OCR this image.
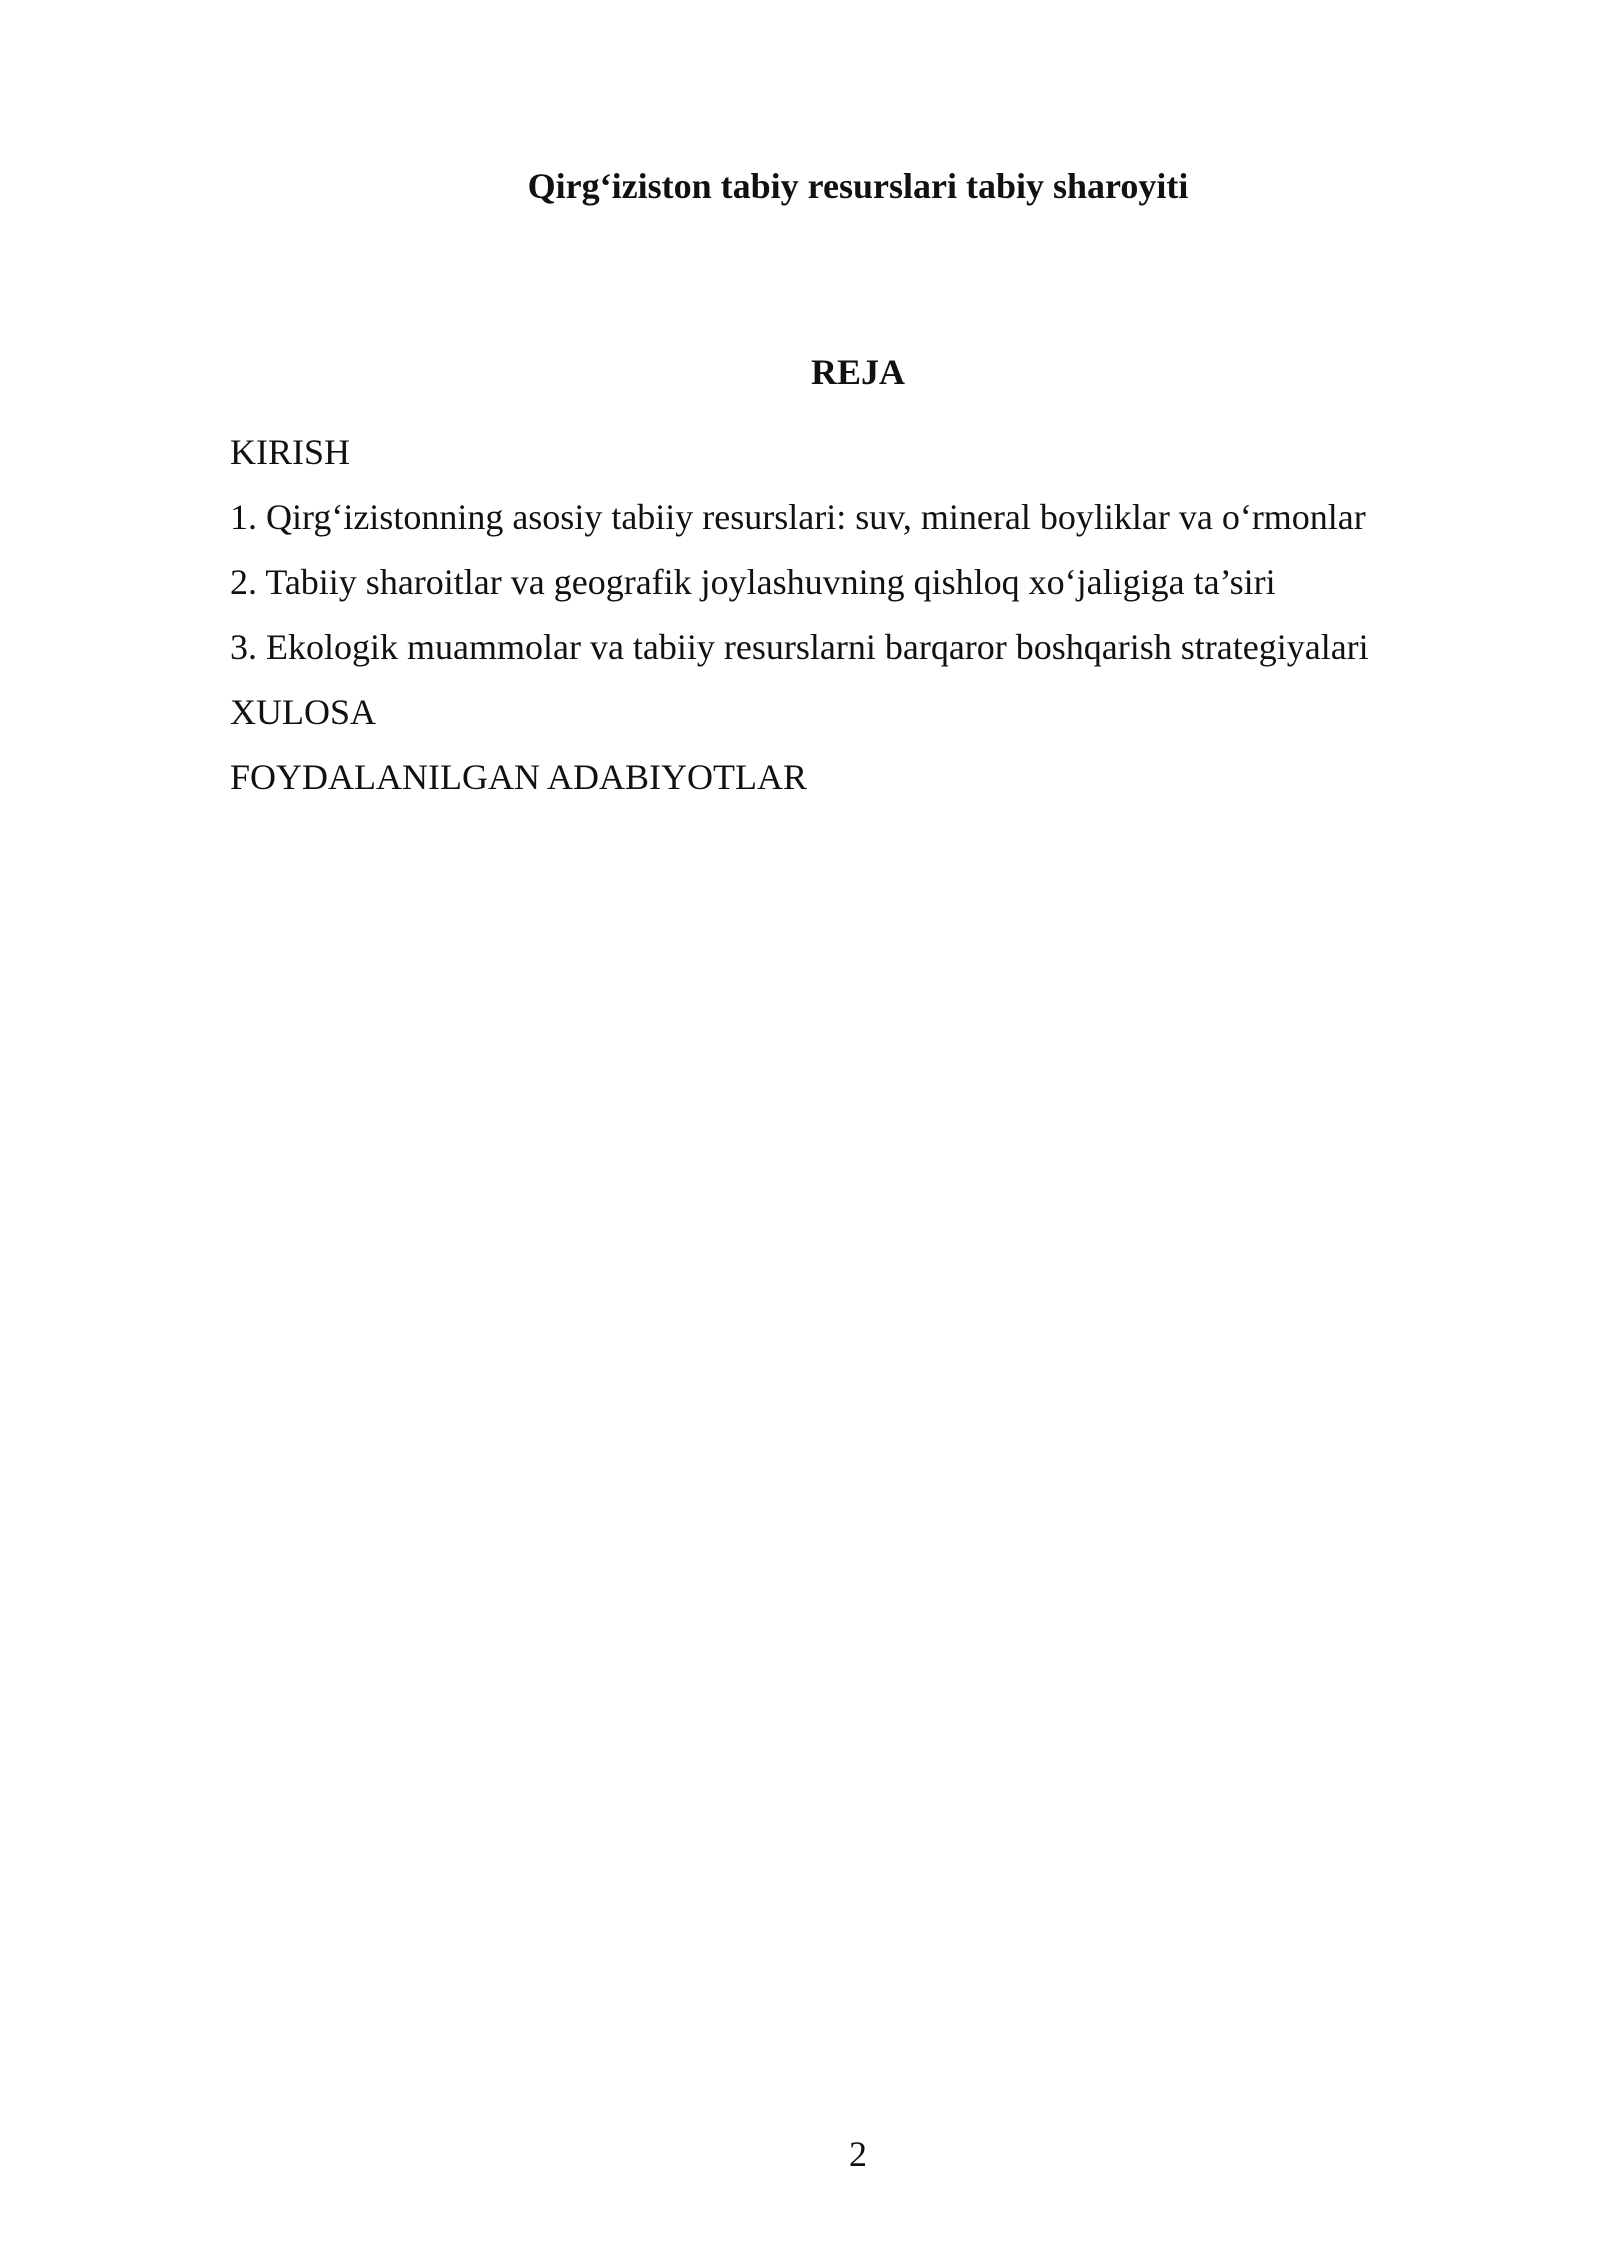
Qirg‘iziston tabiy resurslari tabiy sharoyiti
REJA
KIRISH
1. Qirg‘izistonning asosiy tabiiy resurslari: suv, mineral boyliklar va o‘rmonlar
2. Tabiiy sharoitlar va geografik joylashuvning qishloq xo‘jaligiga ta’siri
3. Ekologik muammolar va tabiiy resurslarni barqaror boshqarish strategiyalari
XULOSA
FOYDALANILGAN ADABIYOTLAR
2
